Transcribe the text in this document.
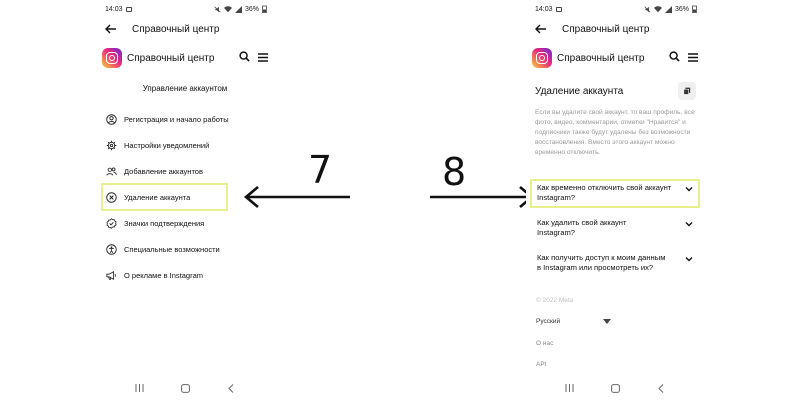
14:03	36%
Справочный центр
Справочный центр
Управление аккаунтом
Регистрация и начало работы
Настройки уведомлений
Добавление аккаунтов
Удаление аккаунта
Значки подтверждения
Специальные возможности
О рекламе в Instagram
7	8
14:03	36%
Справочный центр
Справочный центр
Удаление аккаунта

Если вы удалите свой аккаунт, то ваш профиль, все фото, видео, комментарии, отметки "Нравится" и подписчики также будут удалены без возможности восстановления. Вместо этого аккаунт можно временно отключить.

Как временно отключить свой аккаунт Instagram?
Как удалить свой аккаунт Instagram?
Как получить доступ к моим данным в Instagram или просмотреть их?
© 2022 Meta
Русский
О нас
API
